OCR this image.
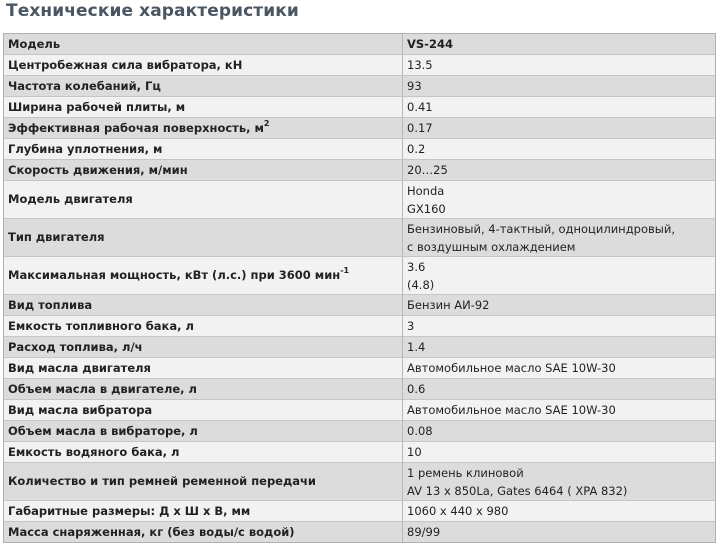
Технические характеристики
Модель	VS-244
Центробежная сила вибратора, кН	13.5
Частота колебаний, Гц	93
Ширина рабочей плиты, м	0.41
Эффективная рабочая поверхность, $м^2$	0.17
Глубина уплотнения, м	0.2
Скорость движения, м/мин	20…25
Модель двигателя	Honda
GX160

Тип двигателя	Бензиновый, 4-тактный, одноцилиндровый,
с воздушным охлаждением

Максимальная мощность, кВт (л.с.) при 3600 мин$^{-1}$	3.6
(4.8)

Вид топлива	Бензин АИ-92
Емкость топливного бака, л	3
Расход топлива, л/ч	1.4
Вид масла двигателя	Автомобильное масло SAE 10W-30
Объем масла в двигателе, л	0.6
Вид масла вибратора	Автомобильное масло SAE 10W-30
Объем масла в вибраторе, л	0.08
Емкость водяного бака, л	10
Количество и тип ремней ременной передачи	1 ремень клиновой
AV 13 x 850La, Gates 6464 ( XPA 832)

Габаритные размеры: Д х Ш х В, мм	1060 x 440 x 980
Масса снаряженная, кг (без воды/с водой)	89/99
